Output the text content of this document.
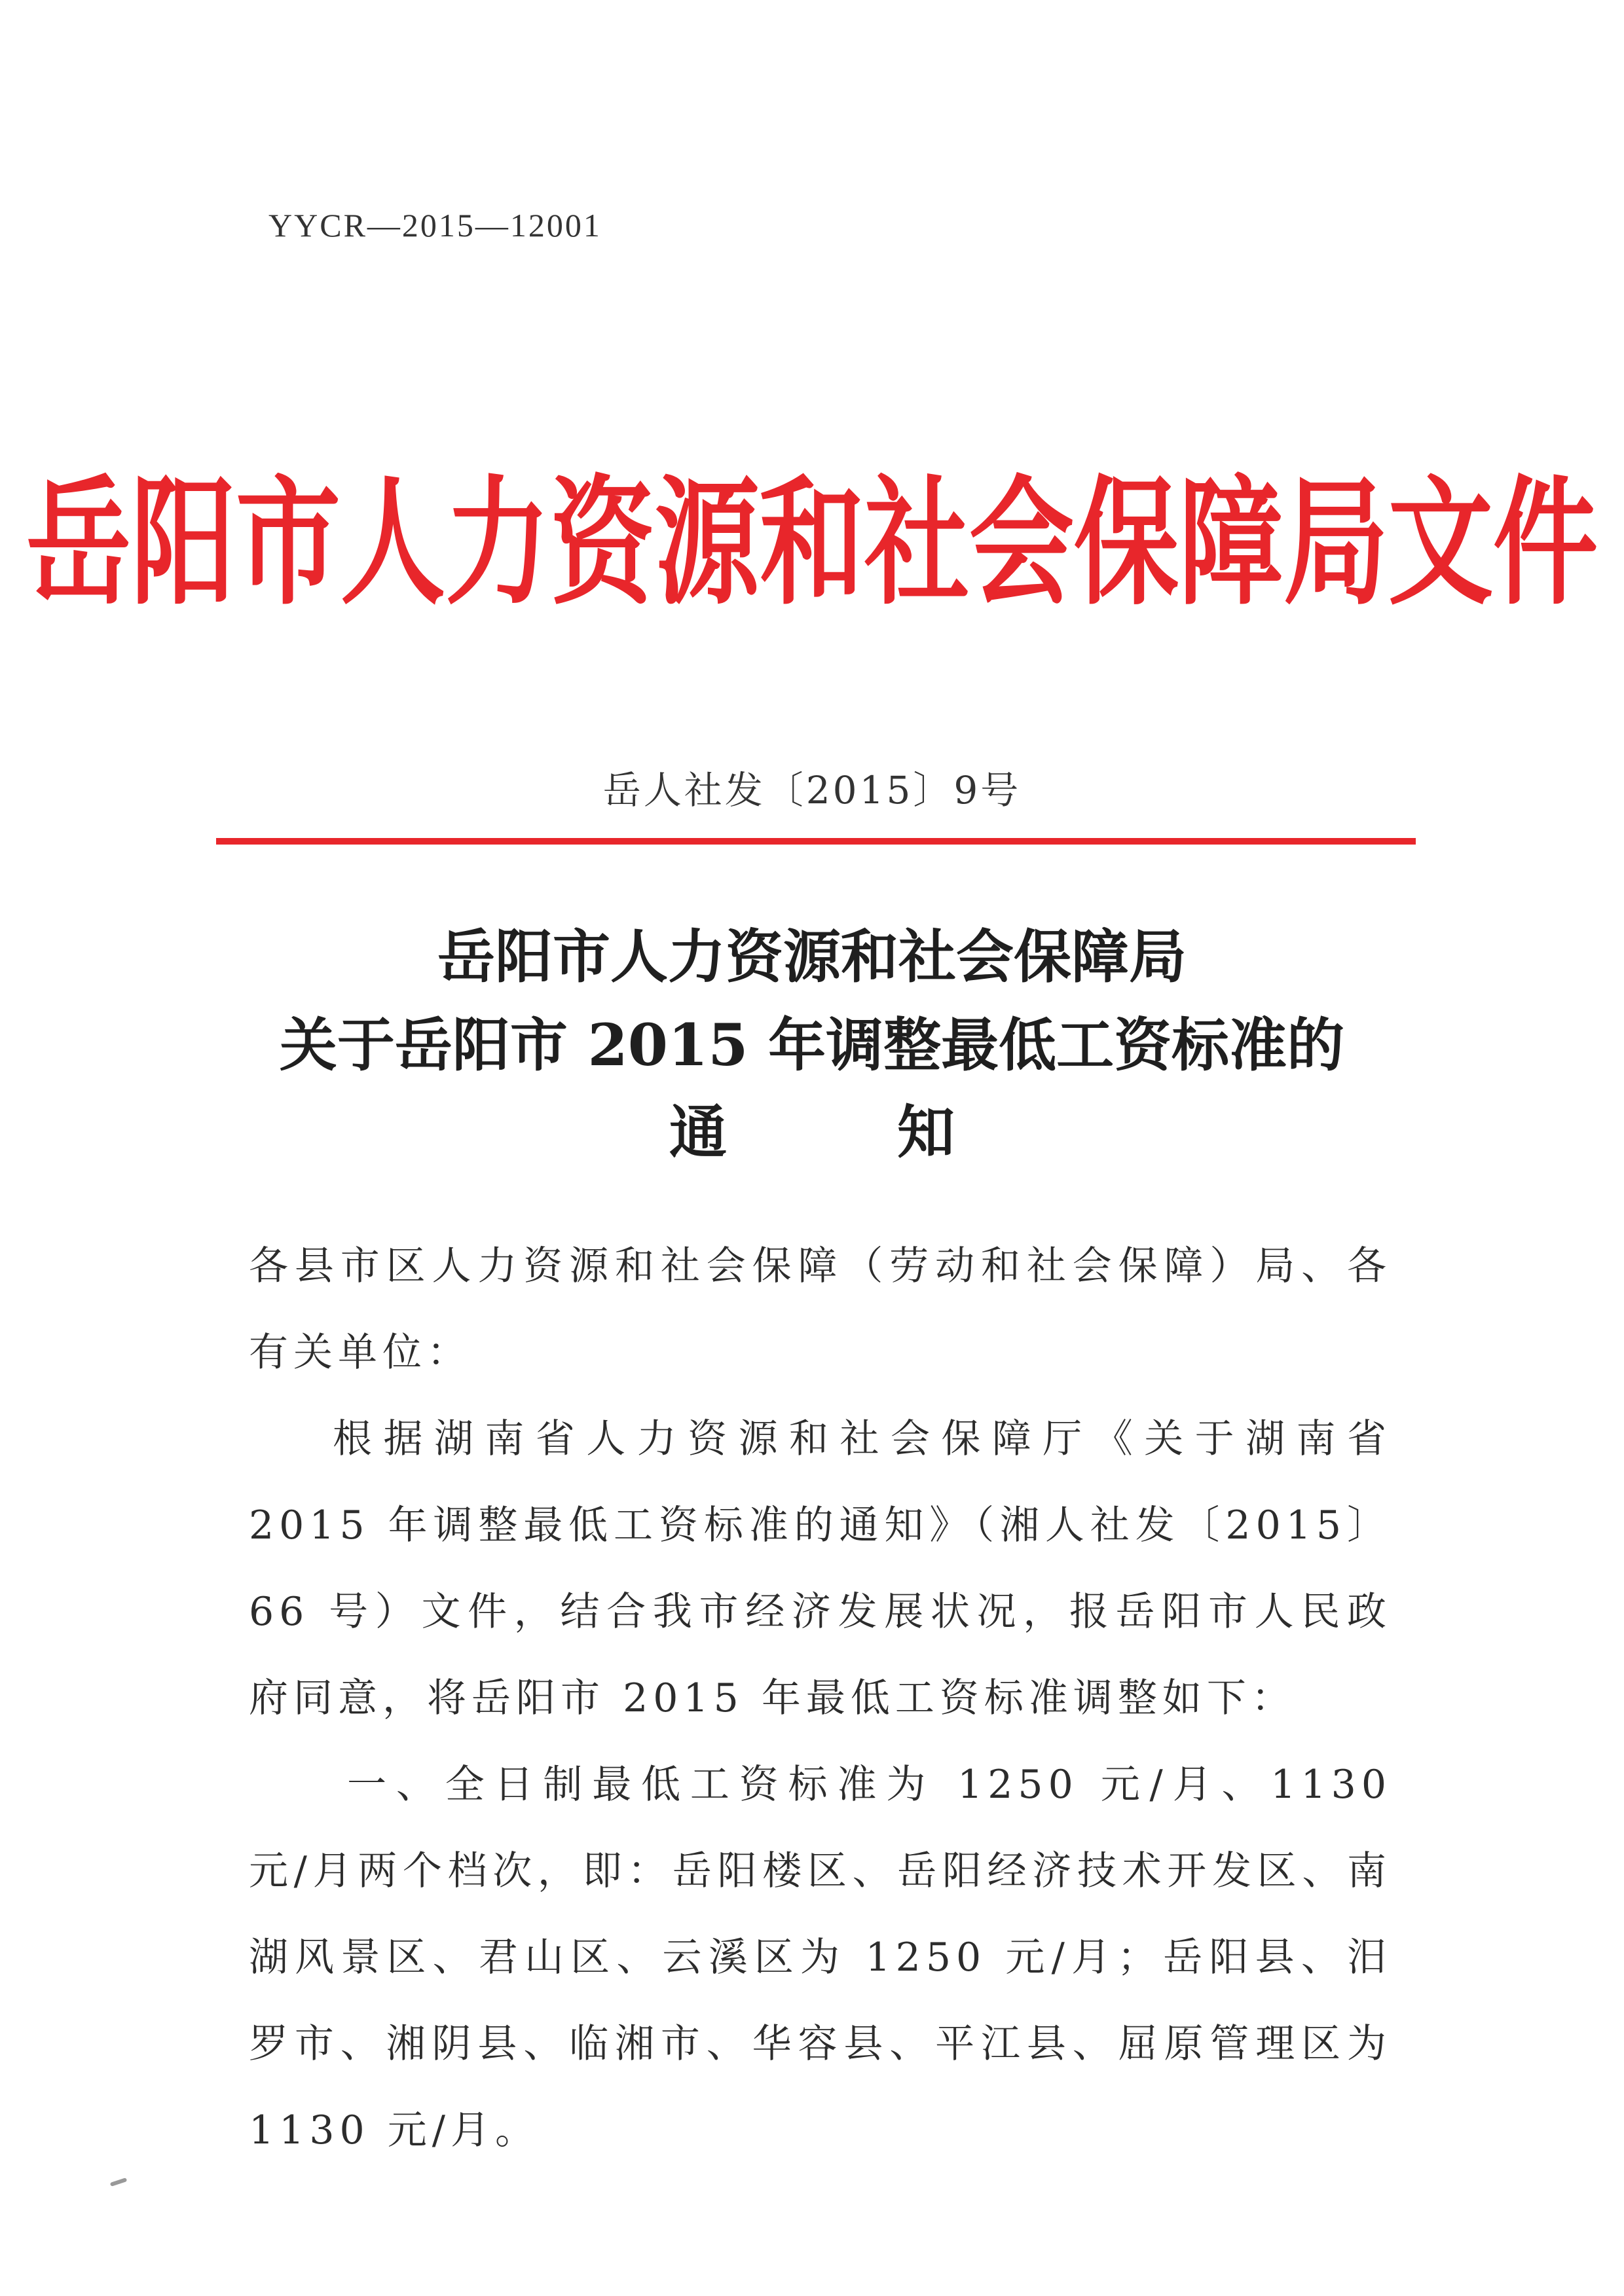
YYCR—2015—12001
岳阳市人力资源和社会保障局文件
岳人社发〔2015〕9号
岳阳市人力资源和社会保障局
关于岳阳市 2015 年调整最低工资标准的
通知
各县市区人力资源和社会保障（劳动和社会保障）局、各有关单位：
根据湖南省人力资源和社会保障厅《关于湖南省 2015 年调整最低工资标准的通知》（湘人社发〔2015〕66 号）文件，结合我市经济发展状况，报岳阳市人民政府同意，将岳阳市 2015 年最低工资标准调整如下：
一、全日制最低工资标准为 1250 元/月、1130 元/月两个档次，即：岳阳楼区、岳阳经济技术开发区、南湖风景区、君山区、云溪区为 1250 元/月；岳阳县、汨罗市、湘阴县、临湘市、华容县、平江县、屈原管理区为 1130 元/月。
